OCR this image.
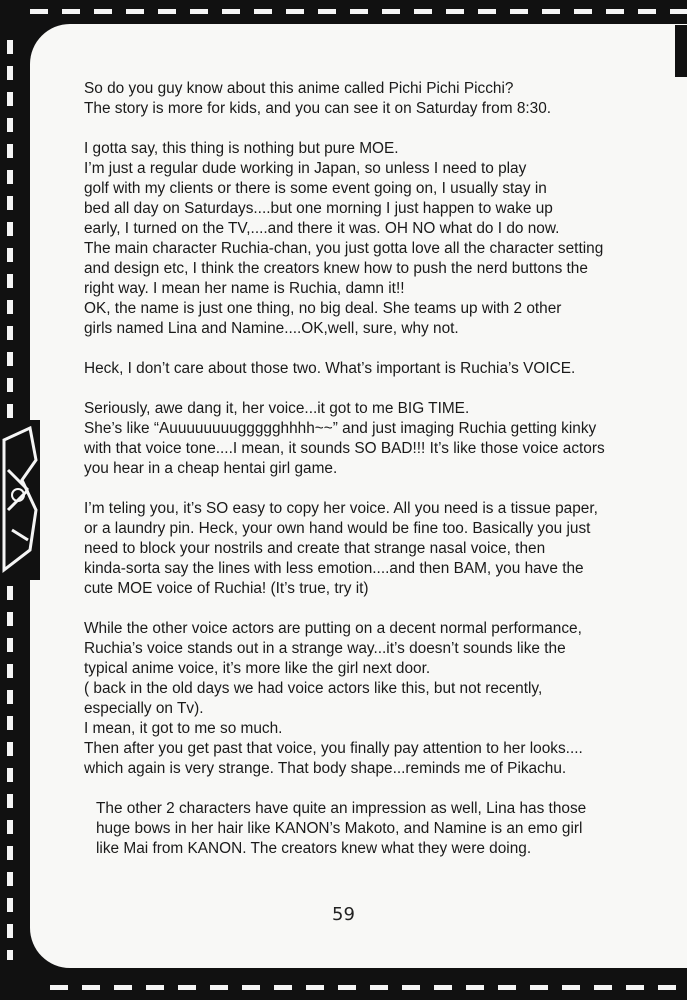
So do you guy know about this anime called Pichi Pichi Picchi?
The story is more for kids, and you can see it on Saturday from 8:30.

I gotta say, this thing is nothing but pure MOE.
I’m just a regular dude working in Japan, so unless I need to play
golf with my clients or there is some event going on, I usually stay in
bed all day on Saturdays....but one morning I just happen to wake up
early, I turned on the TV,....and there it was. OH NO what do I do now.
The main character Ruchia-chan, you just gotta love all the character setting
and design etc, I think the creators knew how to push the nerd buttons the
right way. I mean her name is Ruchia, damn it!!
OK, the name is just one thing, no big deal. She teams up with 2 other
girls named Lina and Namine....OK,well, sure, why not.

Heck, I don’t care about those two. What’s important is Ruchia’s VOICE.

Seriously, awe dang it, her voice...it got to me BIG TIME.
She’s like “Auuuuuuuuggggghhhh~~” and just imaging Ruchia getting kinky
with that voice tone....I mean, it sounds SO BAD!!! It’s like those voice actors
you hear in a cheap hentai girl game.

I’m teling you, it’s SO easy to copy her voice. All you need is a tissue paper,
or a laundry pin. Heck, your own hand would be fine too. Basically you just
need to block your nostrils and create that strange nasal voice, then
kinda-sorta say the lines with less emotion....and then BAM, you have the
cute MOE voice of Ruchia! (It’s true, try it)

While the other voice actors are putting on a decent normal performance,
Ruchia’s voice stands out in a strange way...it’s doesn’t sounds like the
typical anime voice, it’s more like the girl next door.
( back in the old days we had voice actors like this, but not recently,
especially on Tv).
I mean, it got to me so much.
Then after you get past that voice, you finally pay attention to her looks....
which again is very strange. That body shape...reminds me of Pikachu.

The other 2 characters have quite an impression as well, Lina has those
huge bows in her hair like KANON’s Makoto, and Namine is an emo girl
like Mai from KANON. The creators knew what they were doing.

59
